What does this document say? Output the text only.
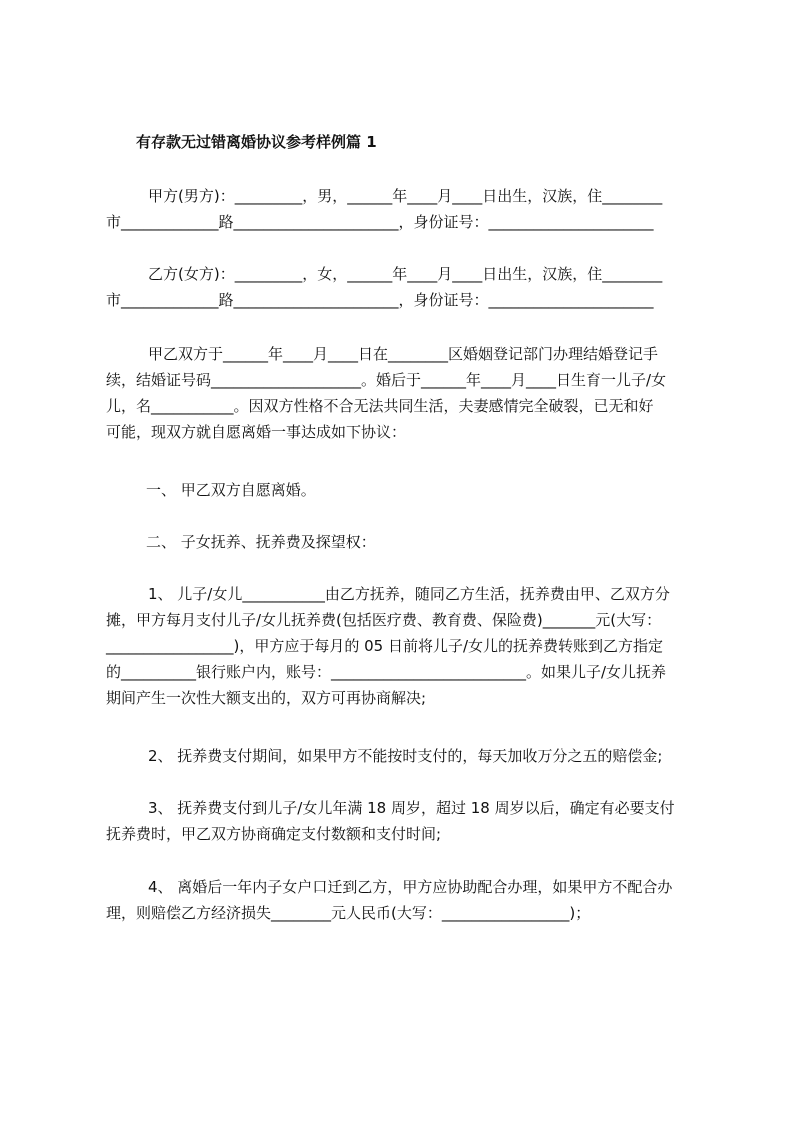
有存款无过错离婚协议参考样例篇 1
甲方(男方)：_________，男，______年____月____日出生，汉族，住________
市_____________路______________________，身份证号：______________________
乙方(女方)：_________，女，______年____月____日出生，汉族，住________
市_____________路______________________，身份证号：______________________
甲乙双方于______年____月____日在________区婚姻登记部门办理结婚登记手
续，结婚证号码____________________。婚后于______年____月____日生育一儿子/女
儿，名___________。因双方性格不合无法共同生活，夫妻感情完全破裂，已无和好
可能，现双方就自愿离婚一事达成如下协议：
一、 甲乙双方自愿离婚。
二、 子女抚养、抚养费及探望权：
1、 儿子/女儿___________由乙方抚养，随同乙方生活，抚养费由甲、乙双方分
摊，甲方每月支付儿子/女儿抚养费(包括医疗费、教育费、保险费)_______元(大写：
_________________)，甲方应于每月的 05 日前将儿子/女儿的抚养费转账到乙方指定
的__________银行账户内，账号：__________________________。如果儿子/女儿抚养
期间产生一次性大额支出的，双方可再协商解决;
2、 抚养费支付期间，如果甲方不能按时支付的，每天加收万分之五的赔偿金;
3、 抚养费支付到儿子/女儿年满 18 周岁，超过 18 周岁以后，确定有必要支付
抚养费时，甲乙双方协商确定支付数额和支付时间;
4、 离婚后一年内子女户口迁到乙方，甲方应协助配合办理，如果甲方不配合办
理，则赔偿乙方经济损失________元人民币(大写：_________________)；
